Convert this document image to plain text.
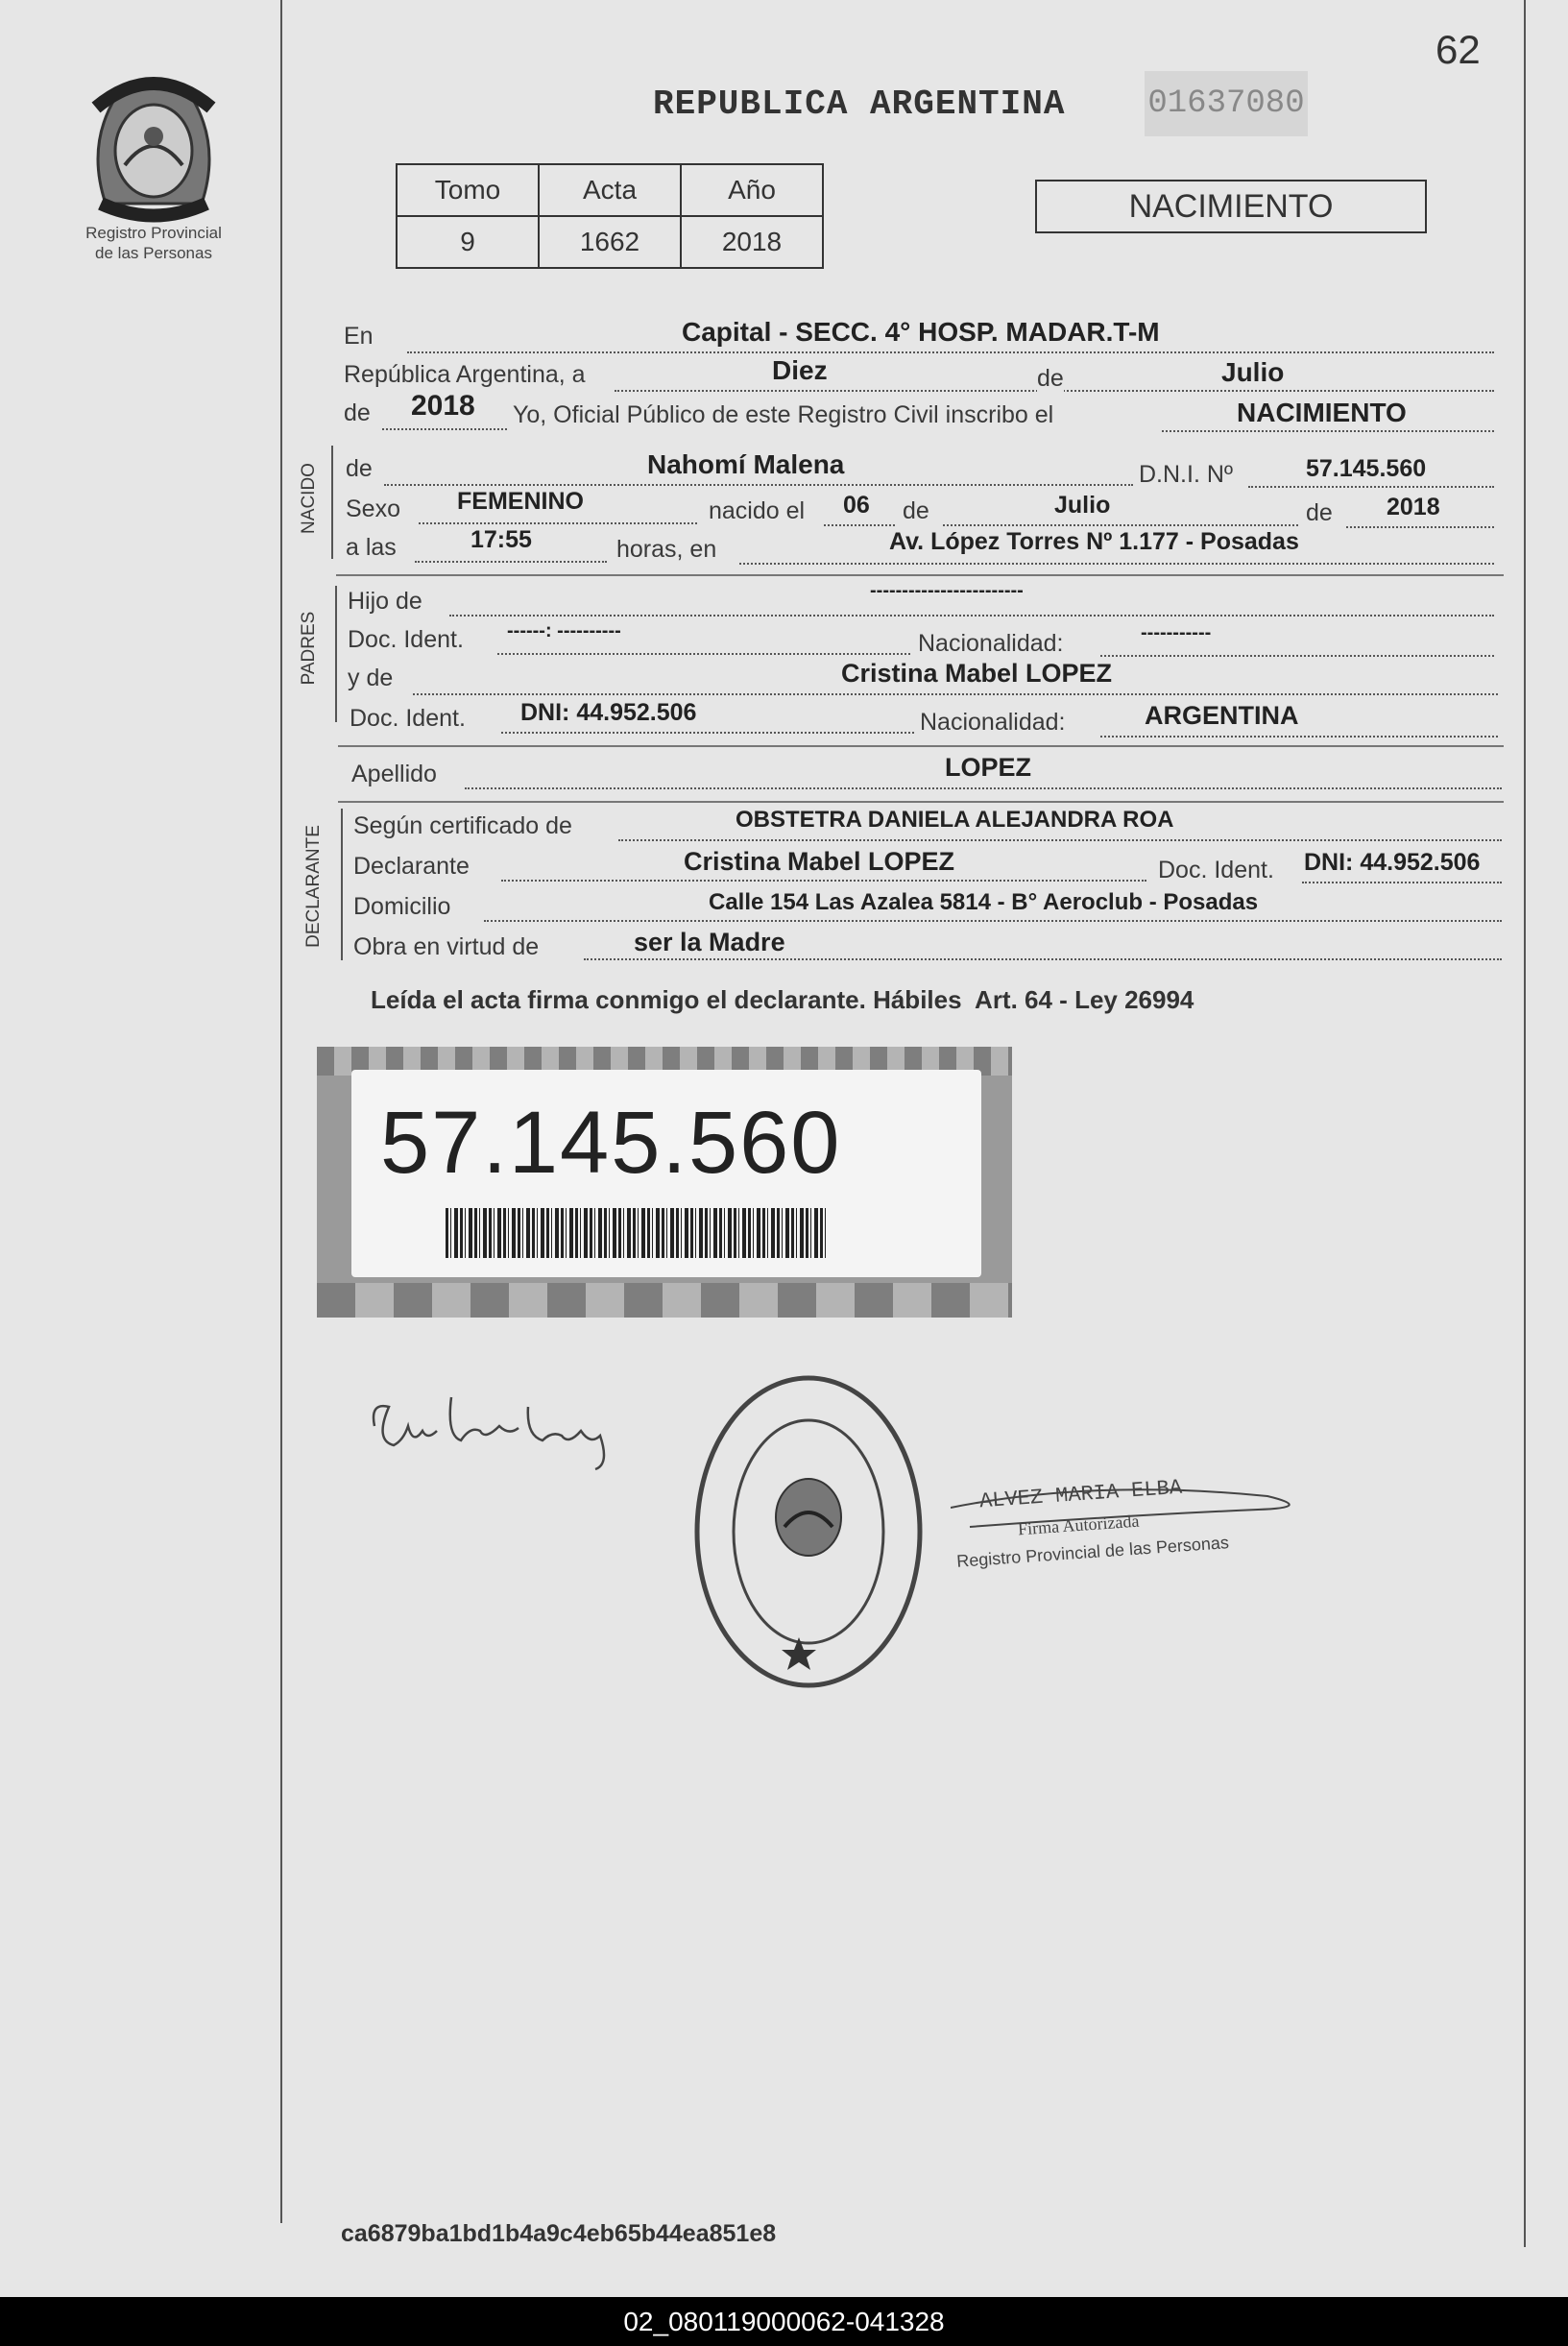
62
Registro Provincial
de las Personas
REPUBLICA ARGENTINA	01637080
Tomo	Acta	Año
9	1662	2018
NACIMIENTO
En	Capital - SECC. 4° HOSP. MADAR.T-M
República Argentina, a	Diez	de	Julio
de 2018 Yo, Oficial Público de este Registro Civil inscribo el	NACIMIENTO
NACIDO de	Nahomí Malena	D.N.I. Nº	57.145.560
Sexo FEMENINO	nacido el 06 de	Julio	de 2018
a las	17:55	horas, en	Av. López Torres Nº 1.177 - Posadas
PADRES
Hijo de	------------------------
Doc. Ident. ------: ----------	Nacionalidad:	-----------
y de	Cristina Mabel LOPEZ
Doc. Ident. DNI: 44.952.506	Nacionalidad:	ARGENTINA
Apellido	LOPEZ
DECLARANTE Según certificado de	OBSTETRA DANIELA ALEJANDRA ROA
Declarante	Cristina Mabel LOPEZ	Doc. Ident. DNI: 44.952.506
Domicilio	Calle 154 Las Azalea 5814 - B° Aeroclub - Posadas
Obra en virtud de	ser la Madre
Leída el acta firma conmigo el declarante. Hábiles  Art. 64 - Ley 26994
57.145.560
ALVEZ MARIA ELBA
Firma Autorizada
Registro Provincial de las Personas
ca6879ba1bd1b4a9c4eb65b44ea851e8
02_080119000062-041328
